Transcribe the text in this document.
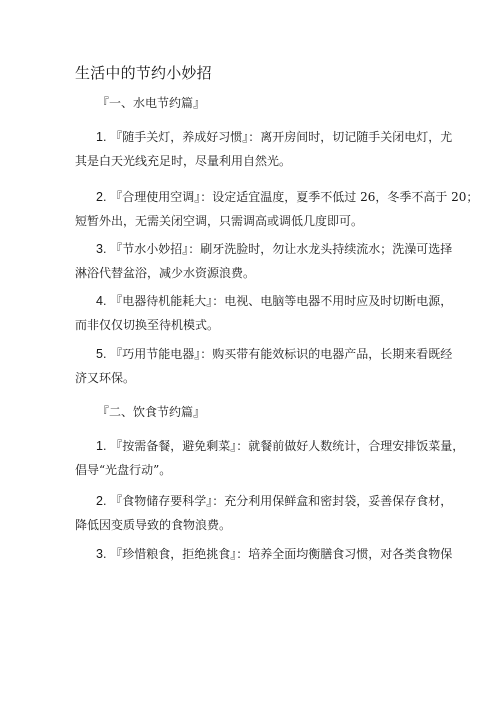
生活中的节约小妙招
『一、水电节约篇』
1. 『随手关灯，养成好习惯』：离开房间时，切记随手关闭电灯，尤
其是白天光线充足时，尽量利用自然光。
2. 『合理使用空调』：设定适宜温度，夏季不低过 26，冬季不高于 20；
短暂外出，无需关闭空调，只需调高或调低几度即可。
3. 『节水小妙招』：刷牙洗脸时，勿让水龙头持续流水；洗澡可选择
淋浴代替盆浴，减少水资源浪费。
4. 『电器待机能耗大』：电视、电脑等电器不用时应及时切断电源，
而非仅仅切换至待机模式。
5. 『巧用节能电器』：购买带有能效标识的电器产品，长期来看既经
济又环保。
『二、饮食节约篇』
1. 『按需备餐，避免剩菜』：就餐前做好人数统计，合理安排饭菜量，
倡导“光盘行动”。
2. 『食物储存要科学』：充分利用保鲜盒和密封袋，妥善保存食材，
降低因变质导致的食物浪费。
3. 『珍惜粮食，拒绝挑食』：培养全面均衡膳食习惯，对各类食物保
